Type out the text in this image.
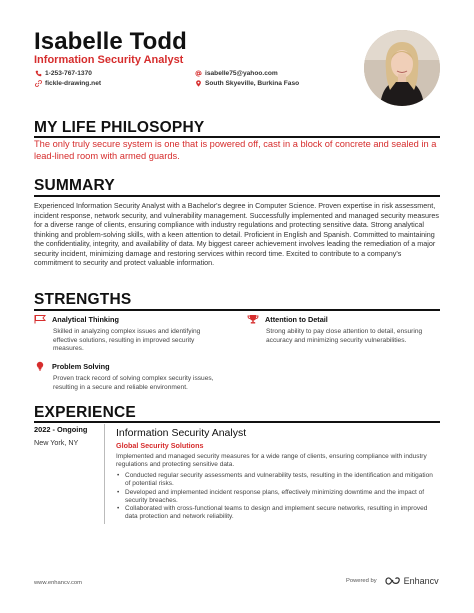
Isabelle Todd
Information Security Analyst
1-253-767-1370
fickle-drawing.net
isabelle75@yahoo.com
South Skyeville, Burkina Faso
MY LIFE PHILOSOPHY
The only truly secure system is one that is powered off, cast in a block of concrete and sealed in a lead-lined room with armed guards.
SUMMARY
Experienced Information Security Analyst with a Bachelor's degree in Computer Science. Proven expertise in risk assessment, incident response, network security, and vulnerability management. Successfully implemented and managed security measures for a diverse range of clients, ensuring compliance with industry regulations and protecting sensitive data. Strong analytical thinking and problem-solving skills, with a keen attention to detail. Proficient in English and Spanish. Committed to maintaining the confidentiality, integrity, and availability of data. My biggest career achievement involves leading the remediation of a major security incident, minimizing damage and restoring services within record time. Excited to contribute to a company's commitment to security and protect valuable information.
STRENGTHS
Analytical Thinking
Skilled in analyzing complex issues and identifying effective solutions, resulting in improved security measures.
Attention to Detail
Strong ability to pay close attention to detail, ensuring accuracy and minimizing security vulnerabilities.
Problem Solving
Proven track record of solving complex security issues, resulting in a secure and reliable environment.
EXPERIENCE
2022 - Ongoing
New York, NY
Information Security Analyst
Global Security Solutions
Implemented and managed security measures for a wide range of clients, ensuring compliance with industry regulations and protecting sensitive data.
• Conducted regular security assessments and vulnerability tests, resulting in the identification and mitigation of potential risks.
• Developed and implemented incident response plans, effectively minimizing downtime and the impact of security breaches.
• Collaborated with cross-functional teams to design and implement secure networks, resulting in improved data protection and network reliability.
www.enhancv.com	Powered by	Enhancv
